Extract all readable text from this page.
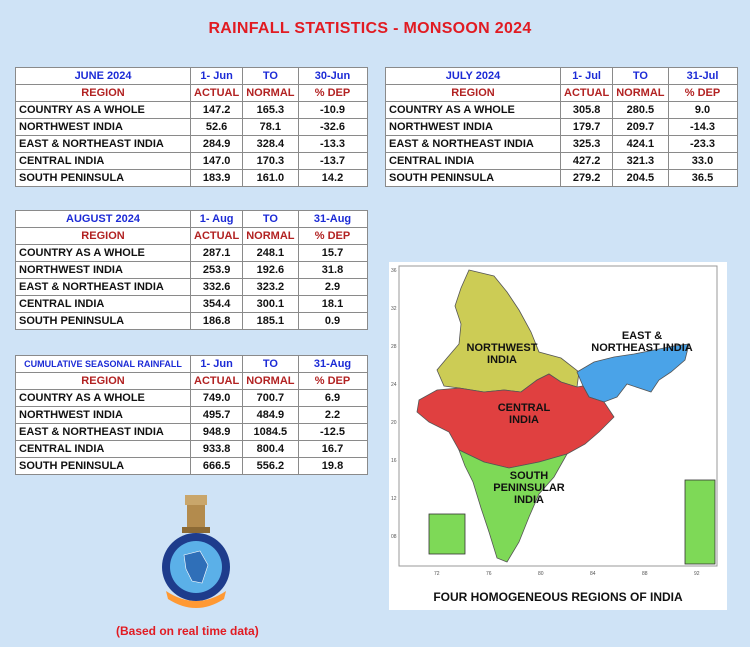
RAINFALL STATISTICS - MONSOON 2024
JUNE 2024	1- Jun	TO	30-Jun
REGION	ACTUAL	NORMAL	% DEP
COUNTRY AS A WHOLE	147.2	165.3	-10.9
NORTHWEST INDIA	52.6	78.1	-32.6
EAST & NORTHEAST INDIA	284.9	328.4	-13.3
CENTRAL INDIA	147.0	170.3	-13.7
SOUTH PENINSULA	183.9	161.0	14.2
JULY 2024	1- Jul	TO	31-Jul
REGION	ACTUAL	NORMAL	% DEP
COUNTRY AS A WHOLE	305.8	280.5	9.0
NORTHWEST INDIA	179.7	209.7	-14.3
EAST & NORTHEAST INDIA	325.3	424.1	-23.3
CENTRAL INDIA	427.2	321.3	33.0
SOUTH PENINSULA	279.2	204.5	36.5
AUGUST 2024	1- Aug	TO	31-Aug
REGION	ACTUAL	NORMAL	% DEP
COUNTRY AS A WHOLE	287.1	248.1	15.7
NORTHWEST INDIA	253.9	192.6	31.8
EAST & NORTHEAST INDIA	332.6	323.2	2.9
CENTRAL INDIA	354.4	300.1	18.1
SOUTH PENINSULA	186.8	185.1	0.9
CUMULATIVE SEASONAL RAINFALL	1- Jun	TO	31-Aug
REGION	ACTUAL	NORMAL	% DEP
COUNTRY AS A WHOLE	749.0	700.7	6.9
NORTHWEST INDIA	495.7	484.9	2.2
EAST & NORTHEAST INDIA	948.9	1084.5	-12.5
CENTRAL INDIA	933.8	800.4	16.7
SOUTH PENINSULA	666.5	556.2	19.8
36
32
28
24
20
16
12
08
72	76	80	84	88	92
NORTHWEST INDIA
EAST & NORTHEAST INDIA
CENTRAL INDIA
SOUTH PENINSULAR INDIA
FOUR HOMOGENEOUS REGIONS OF INDIA
(Based on real time data)
